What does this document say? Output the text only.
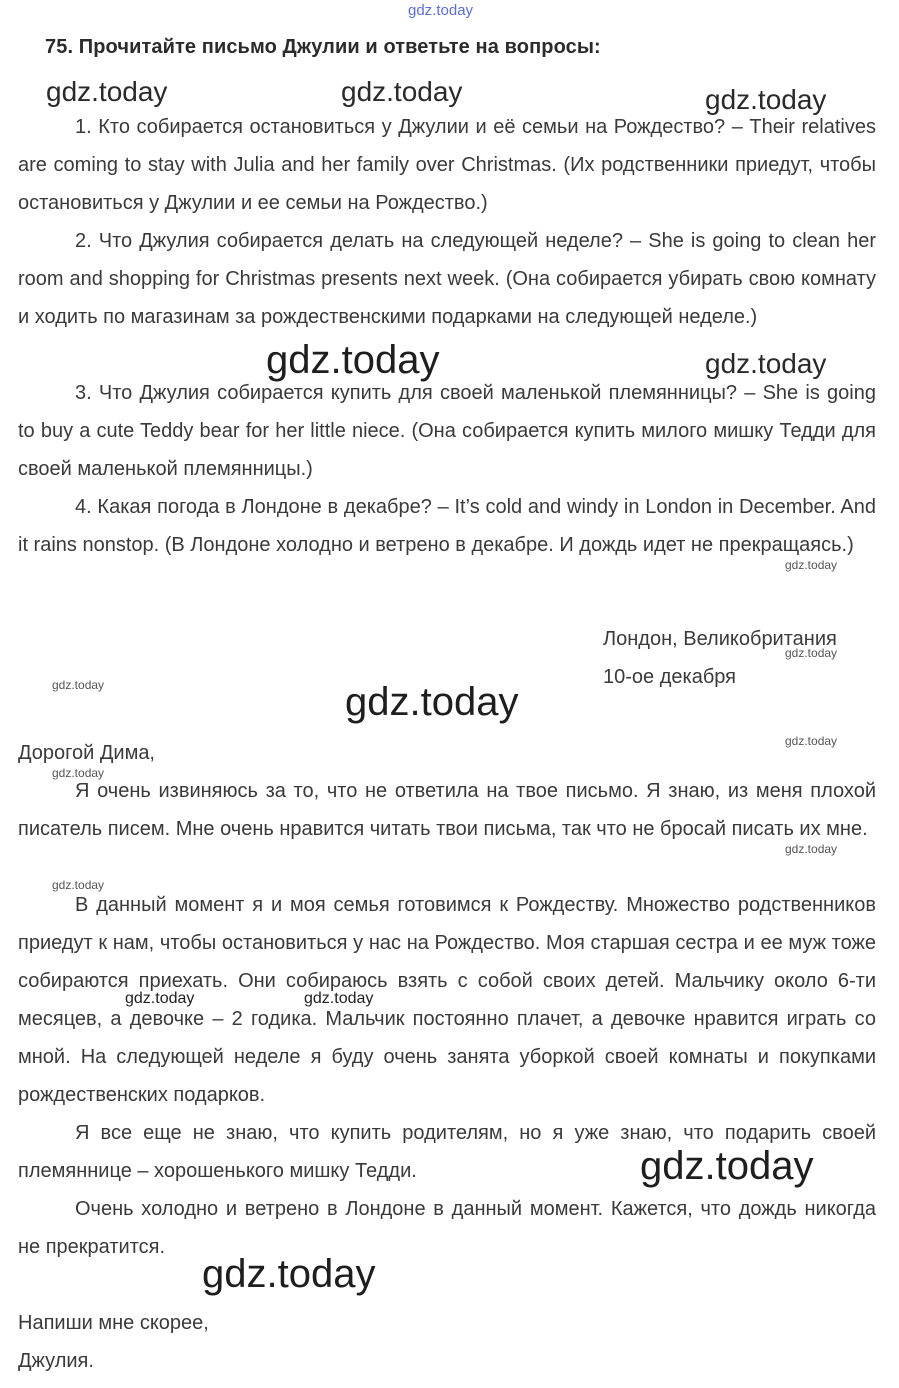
gdz.today
gdz.today	gdz.today	gdz.today
gdz.today	gdz.today
gdz.today
gdz.today
gdz.today	gdz.today
gdz.today
gdz.today
gdz.today
gdz.today
gdz.today	gdz.today
gdz.today
gdz.today
75. Прочитайте письмо Джулии и ответьте на вопросы:

1. Кто собирается остановиться у Джулии и её семьи на Рождество? – Their relatives are coming to stay with Julia and her family over Christmas. (Их родственники приедут, чтобы остановиться у Джулии и ее семьи на Рождество.)

2. Что Джулия собирается делать на следующей неделе? – She is going to clean her room and shopping for Christmas presents next week. (Она собирается убирать свою комнату и ходить по магазинам за рождественскими подарками на следующей неделе.)

3. Что Джулия собирается купить для своей маленькой племянницы? – She is going to buy a cute Teddy bear for her little niece. (Она собирается купить милого мишку Тедди для своей маленькой племянницы.)

4. Какая погода в Лондоне в декабре? – It’s cold and windy in London in December. And it rains nonstop. (В Лондоне холодно и ветрено в декабре. И дождь идет не прекращаясь.)

Лондон, Великобритания
10-ое декабря
Дорогой Дима,

Я очень извиняюсь за то, что не ответила на твое письмо. Я знаю, из меня плохой писатель писем. Мне очень нравится читать твои письма, так что не бросай писать их мне.

В данный момент я и моя семья готовимся к Рождеству. Множество родственников приедут к нам, чтобы остановиться у нас на Рождество. Моя старшая сестра и ее муж тоже собираются приехать. Они собираюсь взять с собой своих детей. Мальчику около 6-ти месяцев, а девочке – 2 годика. Мальчик постоянно плачет, а девочке нравится играть со мной. На следующей неделе я буду очень занята уборкой своей комнаты и покупками рождественских подарков.

Я все еще не знаю, что купить родителям, но я уже знаю, что подарить своей племяннице – хорошенького мишку Тедди.

Очень холодно и ветрено в Лондоне в данный момент. Кажется, что дождь никогда не прекратится.

Напиши мне скорее,
Джулия.
